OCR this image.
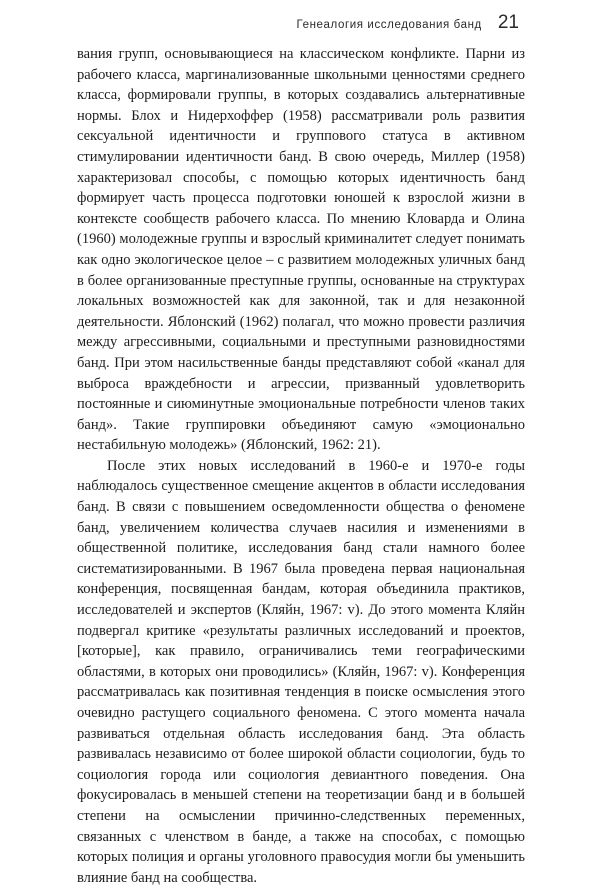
Генеалогия исследования банд 21

вания групп, основывающиеся на классическом конфликте. Парни из рабочего класса, маргинализованные школьными ценностями среднего класса, формировали группы, в которых создавались альтернативные нормы. Блох и Нидерхоффер (1958) рассматривали роль развития сексуальной идентичности и группового статуса в активном стимулировании идентичности банд. В свою очередь, Миллер (1958) характеризовал способы, с помощью которых идентичность банд формирует часть процесса подготовки юношей к взрослой жизни в контексте сообществ рабочего класса. По мнению Кловарда и Олина (1960) молодежные группы и взрослый криминалитет следует понимать как одно экологическое целое – с развитием молодежных уличных банд в более организованные преступные группы, основанные на структурах локальных возможностей как для законной, так и для незаконной деятельности. Яблонский (1962) полагал, что можно провести различия между агрессивными, социальными и преступными разновидностями банд. При этом насильственные банды представляют собой «канал для выброса враждебности и агрессии, призванный удовлетворить постоянные и сиюминутные эмоциональные потребности членов таких банд». Такие группировки объединяют самую «эмоционально нестабильную молодежь» (Яблонский, 1962: 21).

После этих новых исследований в 1960-е и 1970-е годы наблюдалось существенное смещение акцентов в области исследования банд. В связи с повышением осведомленности общества о феномене банд, увеличением количества случаев насилия и изменениями в общественной политике, исследования банд стали намного более систематизированными. В 1967 была проведена первая национальная конференция, посвященная бандам, которая объединила практиков, исследователей и экспертов (Кляйн, 1967: v). До этого момента Кляйн подвергал критике «результаты различных исследований и проектов, [которые], как правило, ограничивались теми географическими областями, в которых они проводились» (Кляйн, 1967: v). Конференция рассматривалась как позитивная тенденция в поиске осмысления этого очевидно растущего социального феномена. С этого момента начала развиваться отдельная область исследования банд. Эта область развивалась независимо от более широкой области социологии, будь то социология города или социология девиантного поведения. Она фокусировалась в меньшей степени на теоретизации банд и в большей степени на осмыслении причинно-следственных переменных, связанных с членством в банде, а также на способах, с помощью которых полиция и органы уголовного правосудия могли бы уменьшить влияние банд на сообщества.
